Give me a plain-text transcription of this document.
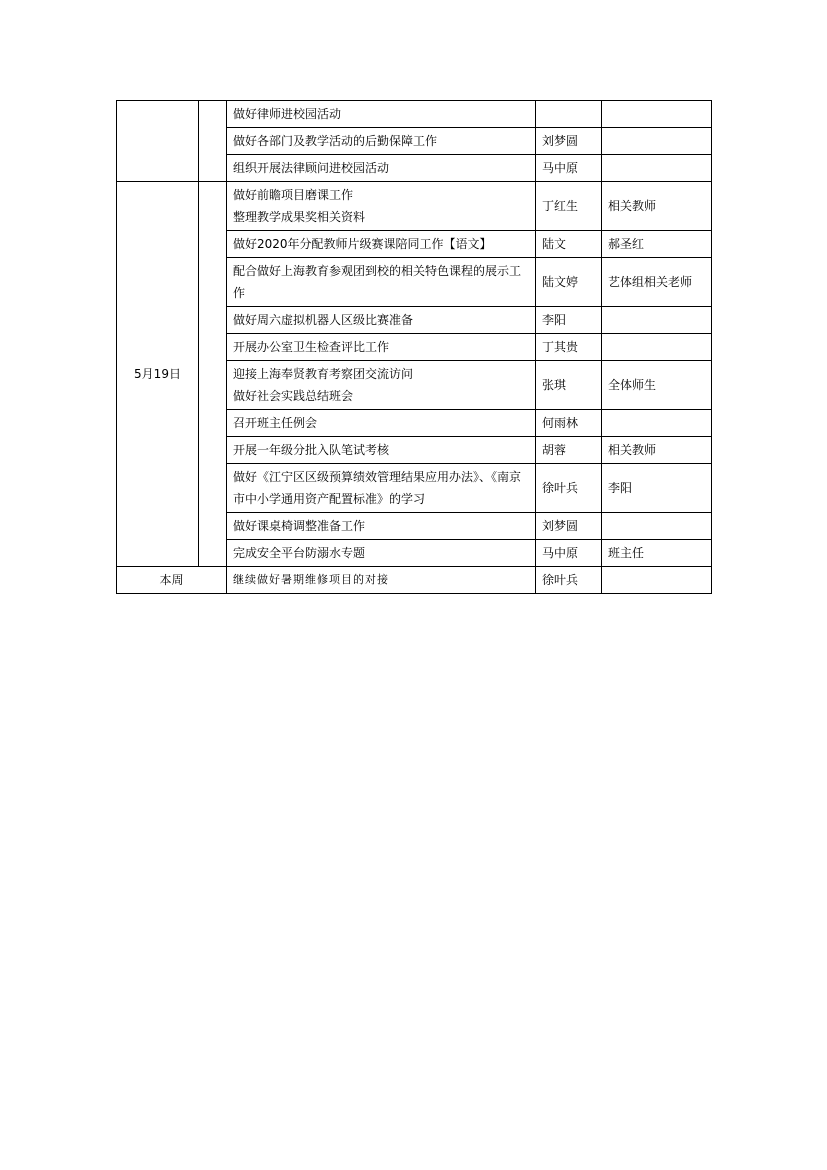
		做好律师进校园活动		

		做好各部门及教学活动的后勤保障工作	刘梦圆	

		组织开展法律顾问进校园活动	马中原	
5月19日		做好前瞻项目磨课工作
整理教学成果奖相关资料	丁红生	相关教师

		做好2020年分配教师片级赛课陪同工作【语文】	陆文	郝圣红

		配合做好上海教育参观团到校的相关特色课程的展示工作	陆文婷	艺体组相关老师

		做好周六虚拟机器人区级比赛准备	李阳	

		开展办公室卫生检查评比工作	丁其贵	

		迎接上海奉贤教育考察团交流访问
做好社会实践总结班会	张琪	全体师生

		召开班主任例会	何雨林	

		开展一年级分批入队笔试考核	胡蓉	相关教师

		做好《江宁区区级预算绩效管理结果应用办法》、《南京市中小学通用资产配置标准》的学习	徐叶兵	李阳

		做好课桌椅调整准备工作	刘梦圆	

		完成安全平台防溺水专题	马中原	班主任
本周		继续做好暑期维修项目的对接	徐叶兵	
